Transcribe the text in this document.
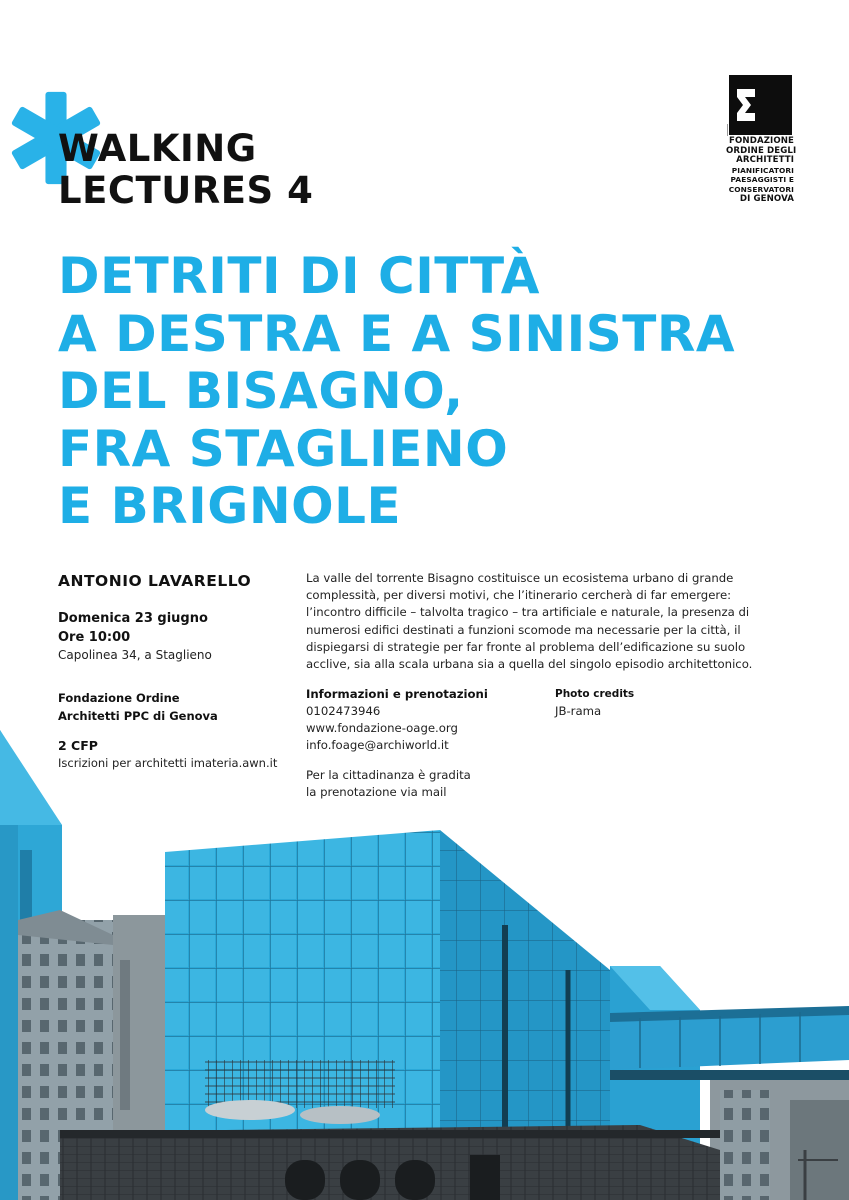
WALKING
LECTURES 4
FONDAZIONE
ORDINE DEGLI
ARCHITETTI
PIANIFICATORI
PAESAGGISTI E
CONSERVATORI
DI GENOVA
DETRITI DI CITTÀ
A DESTRA E A SINISTRA
DEL BISAGNO,
FRA STAGLIENO
E BRIGNOLE
ANTONIO LAVARELLO
Domenica 23 giugno
Ore 10:00
Capolinea 34, a Staglieno
Fondazione Ordine
Architetti PPC di Genova
2 CFP
Iscrizioni per architetti imateria.awn.it
La valle del torrente Bisagno costituisce un ecosistema urbano di grande complessità, per diversi motivi, che l’itinerario cercherà di far emergere: l’incontro difficile – talvolta tragico – tra artificiale e naturale, la presenza di numerosi edifici destinati a funzioni scomode ma necessarie per la città, il dispiegarsi di strategie per far fronte al problema dell’edificazione su suolo acclive, sia alla scala urbana sia a quella del singolo episodio architettonico.
Informazioni e prenotazioni
0102473946
www.fondazione-oage.org
info.foage@archiworld.it
Per la cittadinanza è gradita
la prenotazione via mail
Photo credits
JB-rama
